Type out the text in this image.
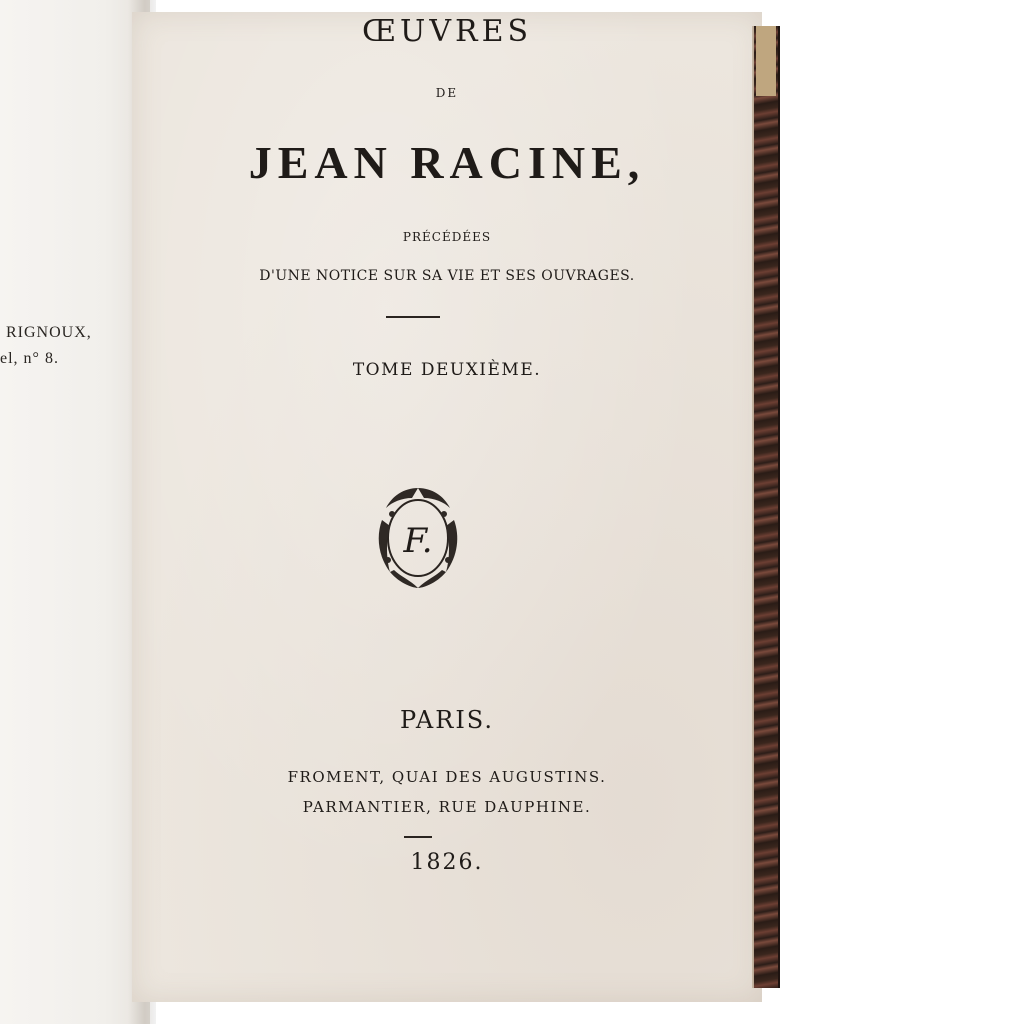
RIGNOUX,
el, n° 8.
ŒUVRES
DE
JEAN RACINE,
PRÉCÉDÉES
D'UNE NOTICE SUR SA VIE ET SES OUVRAGES.
TOME DEUXIÈME.
F.
PARIS.
FROMENT, QUAI DES AUGUSTINS.
PARMANTIER, RUE DAUPHINE.
1826.
